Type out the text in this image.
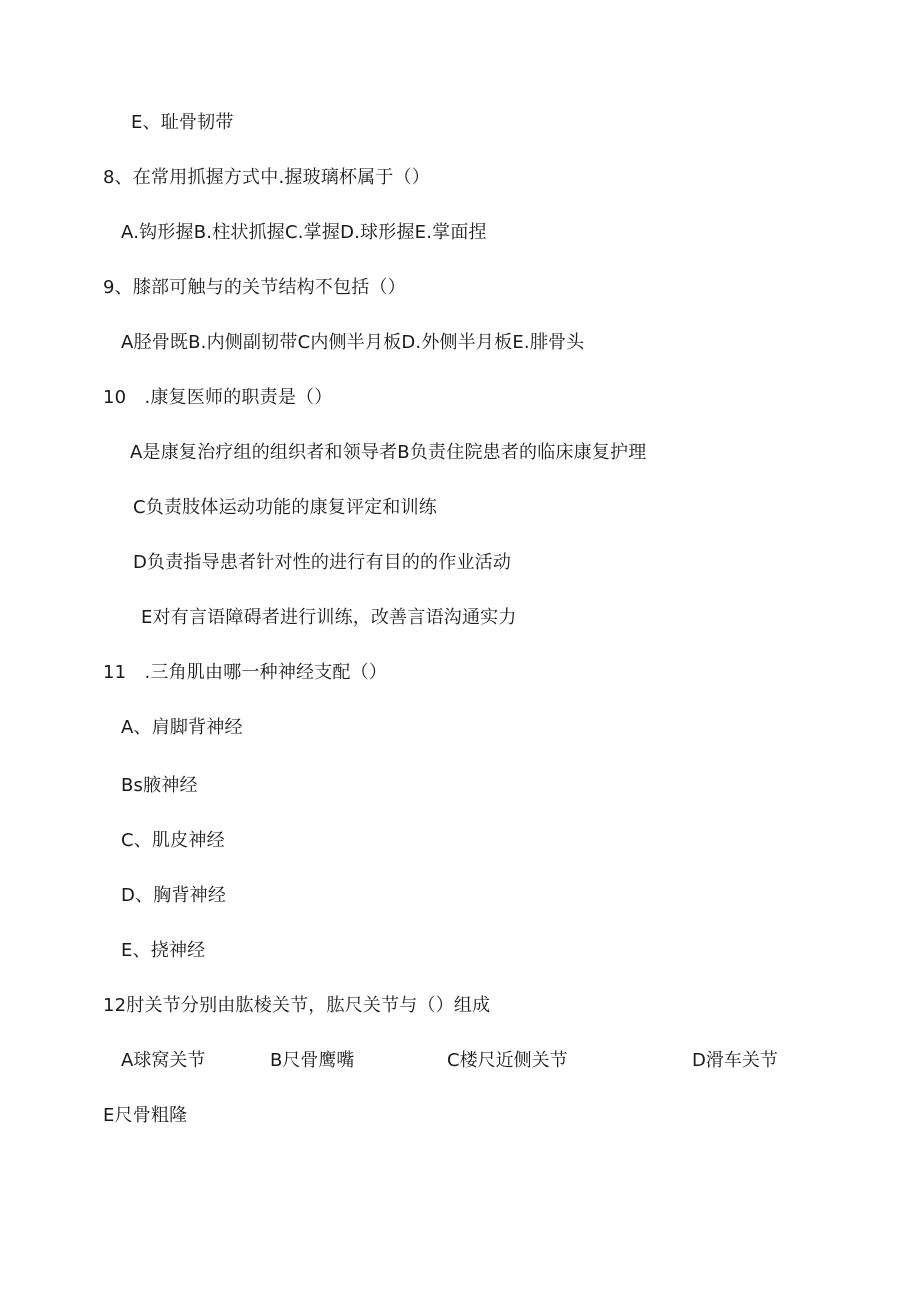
E、耻骨韧带
8、在常用抓握方式中.握玻璃杯属于（）
A.钩形握B.柱状抓握C.掌握D.球形握E.掌面捏
9、膝部可触与的关节结构不包括（）
A胫骨既B.内侧副韧带C内侧半月板D.外侧半月板E.腓骨头
10　.康复医师的职责是（）
A是康复治疗组的组织者和领导者B负责住院患者的临床康复护理
C负责肢体运动功能的康复评定和训练
D负责指导患者针对性的进行有目的的作业活动
E对有言语障碍者进行训练，改善言语沟通实力
11　.三角肌由哪一种神经支配（）
A、肩脚背神经
Bs腋神经
C、肌皮神经
D、胸背神经
E、挠神经
12肘关节分别由肱棱关节，肱尺关节与（）组成
A球窝关节	B尺骨鹰嘴	C楼尺近侧关节	D滑车关节
E尺骨粗隆
